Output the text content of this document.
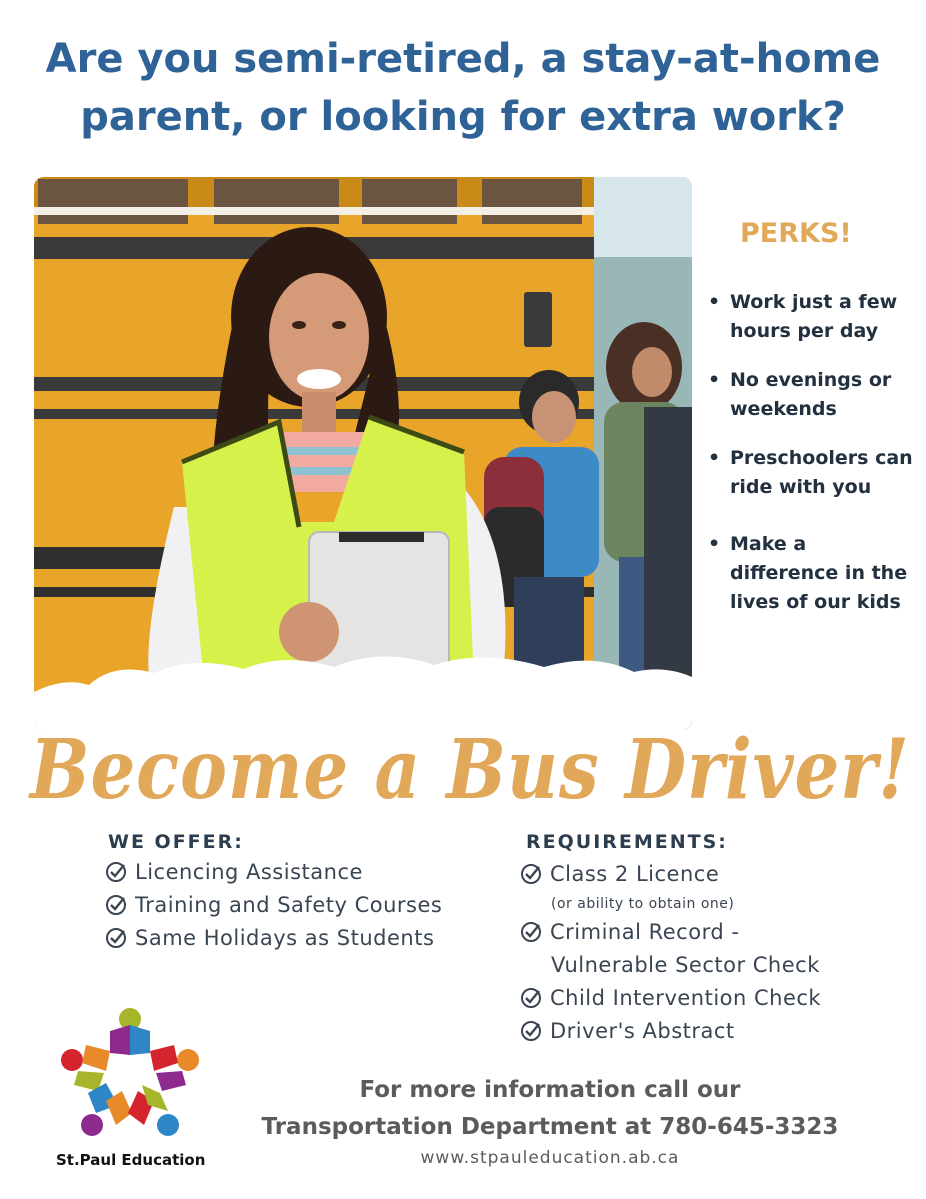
Are you semi-retired, a stay-at-home
parent, or looking for extra work?
PERKS!
• Work just a few hours per day
• No evenings or weekends
• Preschoolers can ride with you
• Make a difference in the lives of our kids
Become a Bus Driver!
WE OFFER:
Licencing Assistance
Training and Safety Courses
Same Holidays as Students
REQUIREMENTS:
Class 2 Licence
(or ability to obtain one)
Criminal Record -
Vulnerable Sector Check
Child Intervention Check
Driver's Abstract
St.Paul Education
For more information call our
Transportation Department at 780-645-3323
www.stpauleducation.ab.ca
